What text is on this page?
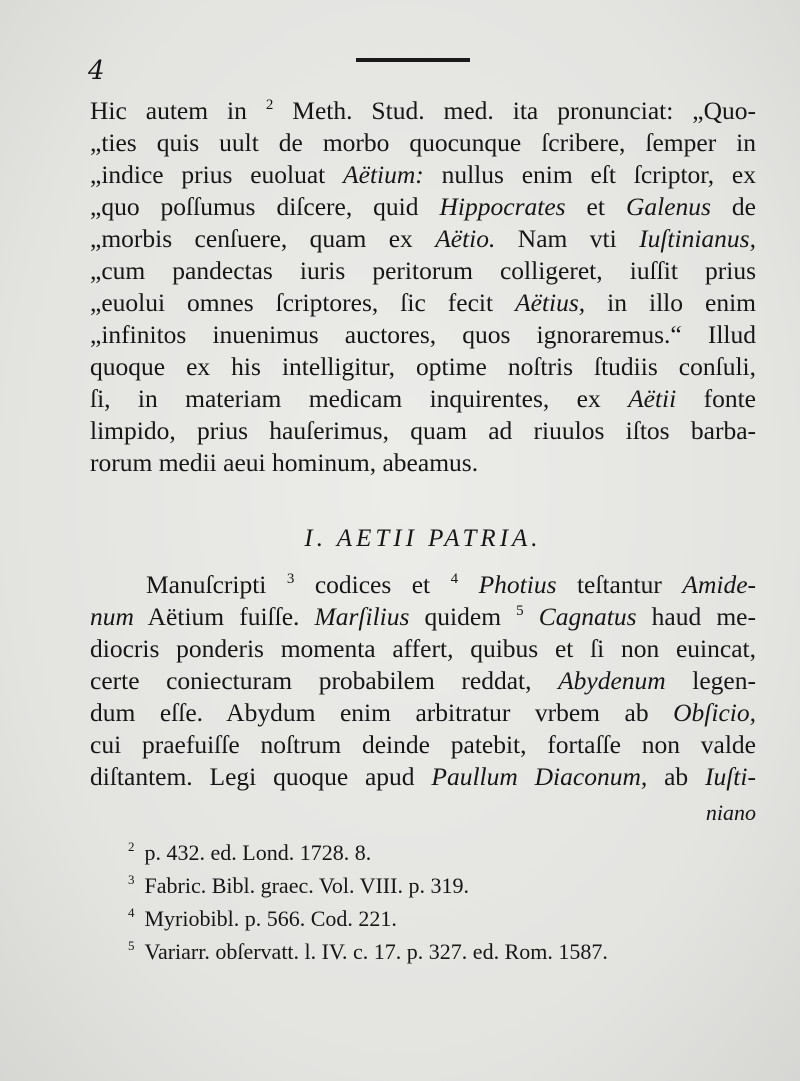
4
Hic autem in $^2$ Meth. Stud. med. ita pronunciat: „Quo-
„ties quis uult de morbo quocunque ſcribere, ſemper in
„indice prius euoluat Aëtium: nullus enim eſt ſcriptor, ex
„quo poſſumus diſcere, quid Hippocrates et Galenus de
„morbis cenſuere, quam ex Aëtio. Nam vti Iuſtinianus,
„cum pandectas iuris peritorum colligeret, iuſſit prius
„euolui omnes ſcriptores, ſic fecit Aëtius, in illo enim
„infinitos inuenimus auctores, quos ignoraremus.“ Illud
quoque ex his intelligitur, optime noſtris ſtudiis conſuli,
ſi, in materiam medicam inquirentes, ex Aëtii fonte
limpido, prius hauſerimus, quam ad riuulos iſtos barba-
rorum medii aeui hominum, abeamus.
I. AETII PATRIA.
Manuſcripti $^3$ codices et $^4$ Photius teſtantur Amide-
num Aëtium fuiſſe. Marſilius quidem $^5$ Cagnatus haud me-
diocris ponderis momenta affert, quibus et ſi non euincat,
certe coniecturam probabilem reddat, Abydenum legen-
dum eſſe. Abydum enim arbitratur vrbem ab Obſicio,
cui praefuiſſe noſtrum deinde patebit, fortaſſe non valde
diſtantem. Legi quoque apud Paullum Diaconum, ab Iuſti-
niano
$^2$ p. 432. ed. Lond. 1728. 8.
$^3$ Fabric. Bibl. graec. Vol. VIII. p. 319.
$^4$ Myriobibl. p. 566. Cod. 221.
$^5$ Variarr. obſervatt. l. IV. c. 17. p. 327. ed. Rom. 1587.
